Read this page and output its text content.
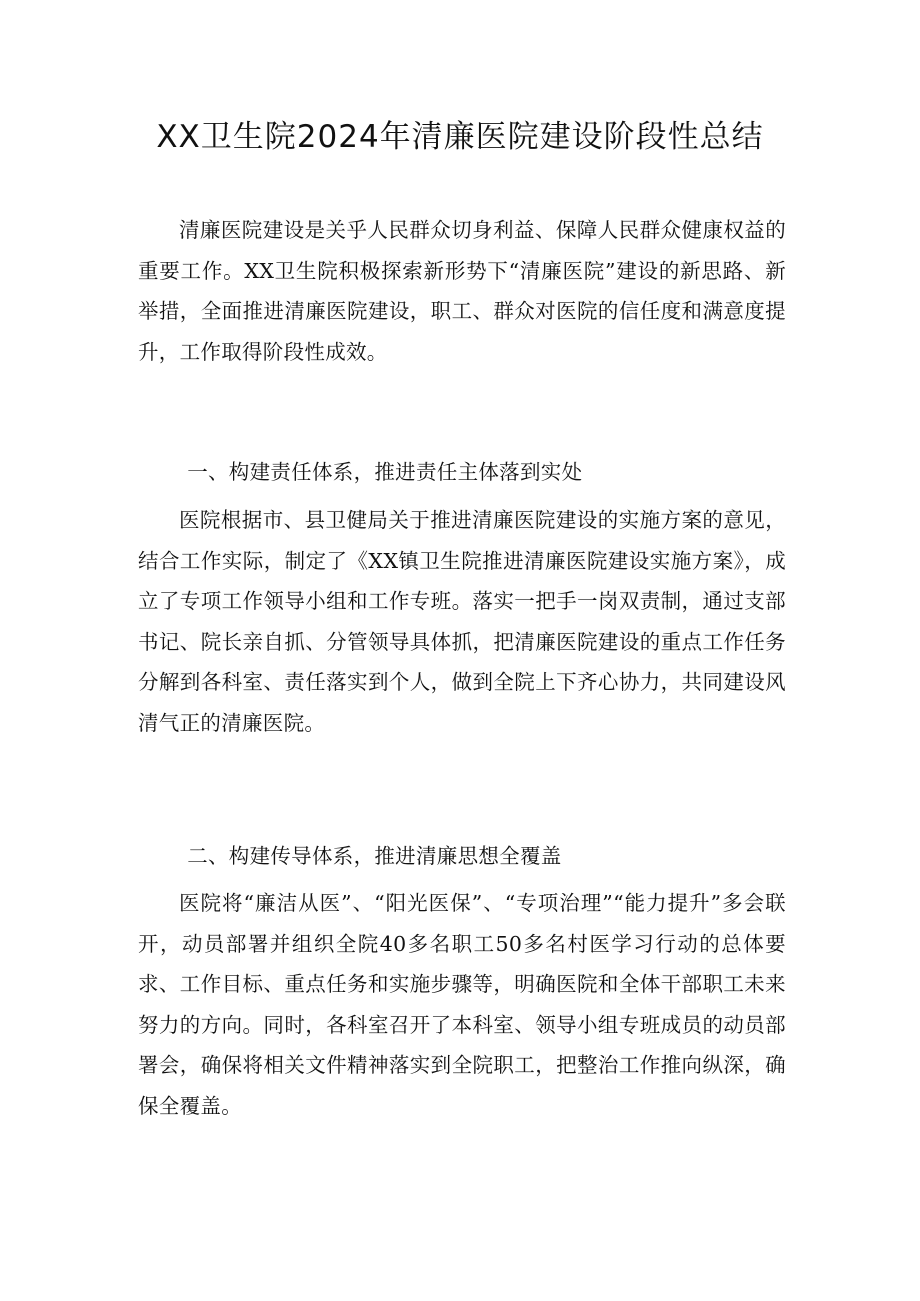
XX卫生院2024年清廉医院建设阶段性总结

清廉医院建设是关乎人民群众切身利益、保障人民群众健康权益的重要工作。XX卫生院积极探索新形势下“清廉医院”建设的新思路、新举措，全面推进清廉医院建设，职工、群众对医院的信任度和满意度提升，工作取得阶段性成效。

一、构建责任体系，推进责任主体落到实处

医院根据市、县卫健局关于推进清廉医院建设的实施方案的意见，结合工作实际，制定了《XX镇卫生院推进清廉医院建设实施方案》，成立了专项工作领导小组和工作专班。落实一把手一岗双责制，通过支部书记、院长亲自抓、分管领导具体抓，把清廉医院建设的重点工作任务分解到各科室、责任落实到个人，做到全院上下齐心协力，共同建设风清气正的清廉医院。

二、构建传导体系，推进清廉思想全覆盖

医院将“廉洁从医”、“阳光医保”、“专项治理”“能力提升”多会联开，动员部署并组织全院40多名职工50多名村医学习行动的总体要求、工作目标、重点任务和实施步骤等，明确医院和全体干部职工未来努力的方向。同时，各科室召开了本科室、领导小组专班成员的动员部署会，确保将相关文件精神落实到全院职工，把整治工作推向纵深，确保全覆盖。
